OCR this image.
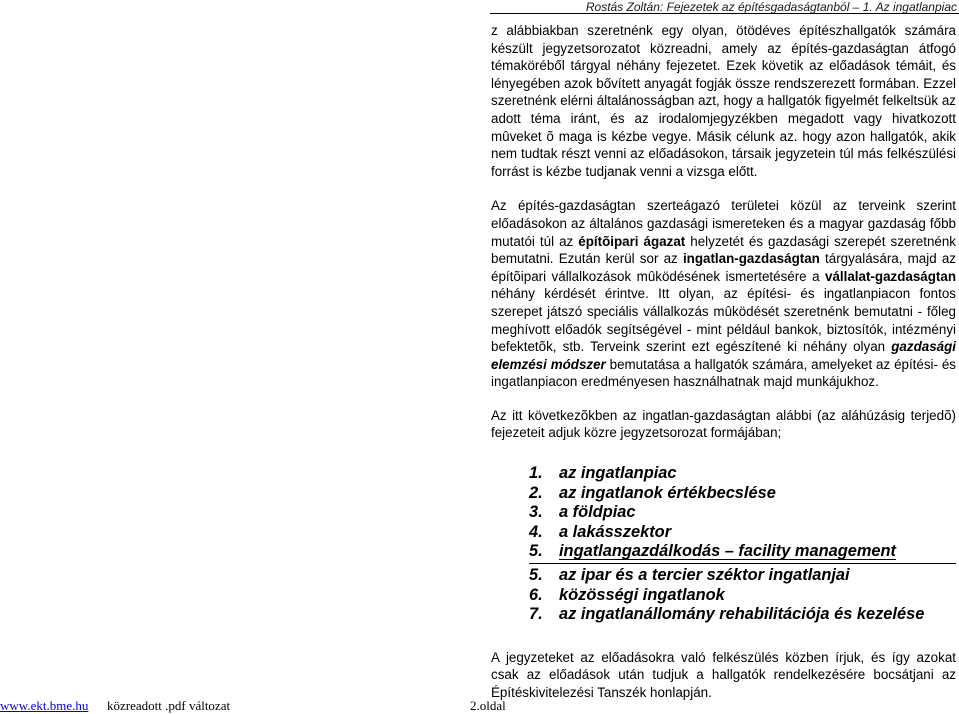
Rostás Zoltán: Fejezetek az építésgadaságtanból – 1. Az ingatlanpiac

z alábbiakban szeretnénk egy olyan, ötödéves építészhallgatók számára készült jegyzetsorozatot közreadni, amely az építés-gazdaságtan átfogó témaköréből tárgyal néhány fejezetet. Ezek követik az előadások témáit, és lényegében azok bővített anyagát fogják össze rendszerezett formában. Ezzel szeretnénk elérni általánosságban azt, hogy a hallgatók figyelmét felkeltsük az adott téma iránt, és az irodalomjegyzékben megadott vagy hivatkozott mûveket õ maga is kézbe vegye. Másik célunk az. hogy azon hallgatók, akik nem tudtak részt venni az előadásokon, társaik jegyzetein túl más felkészülési forrást is kézbe tudjanak venni a vizsga előtt.

Az építés-gazdaságtan szerteágazó területei közül az terveink szerint előadásokon az általános gazdasági ismereteken és a magyar gazdaság főbb mutatói túl az építõipari ágazat helyzetét és gazdasági szerepét szeretnénk bemutatni. Ezután kerül sor az ingatlan-gazdaságtan tárgyalására, majd az építõipari vállalkozások mûködésének ismertetésére a vállalat-gazdaságtan néhány kérdését érintve. Itt olyan, az építési- és ingatlanpiacon fontos szerepet játszó speciális vállalkozás mûködését szeretnénk bemutatni - főleg meghívott előadók segítségével - mint például bankok, biztosítók, intézményi befektetõk, stb. Terveink szerint ezt egészítené ki néhány olyan gazdasági elemzési módszer bemutatása a hallgatók számára, amelyeket az építési- és ingatlanpiacon eredményesen használhatnak majd munkájukhoz.

Az itt következõkben az ingatlan-gazdaságtan alábbi (az aláhúzásig terjedõ) fejezeteit adjuk közre jegyzetsorozat formájában;

1. az ingatlanpiac
2. az ingatlanok értékbecslése
3. a földpiac
4. a lakásszektor
5. ingatlangazdálkodás – facility management
5. az ipar és a tercier széktor ingatlanjai
6. közösségi ingatlanok
7. az ingatlanállomány rehabilitációja és kezelése

A jegyzeteket az előadásokra való felkészülés közben írjuk, és így azokat csak az előadások után tudjuk a hallgatók rendelkezésére bocsátjani az Építéskivitelezési Tanszék honlapján.

www.ekt.bme.hu közreadott .pdf változat	2.oldal
